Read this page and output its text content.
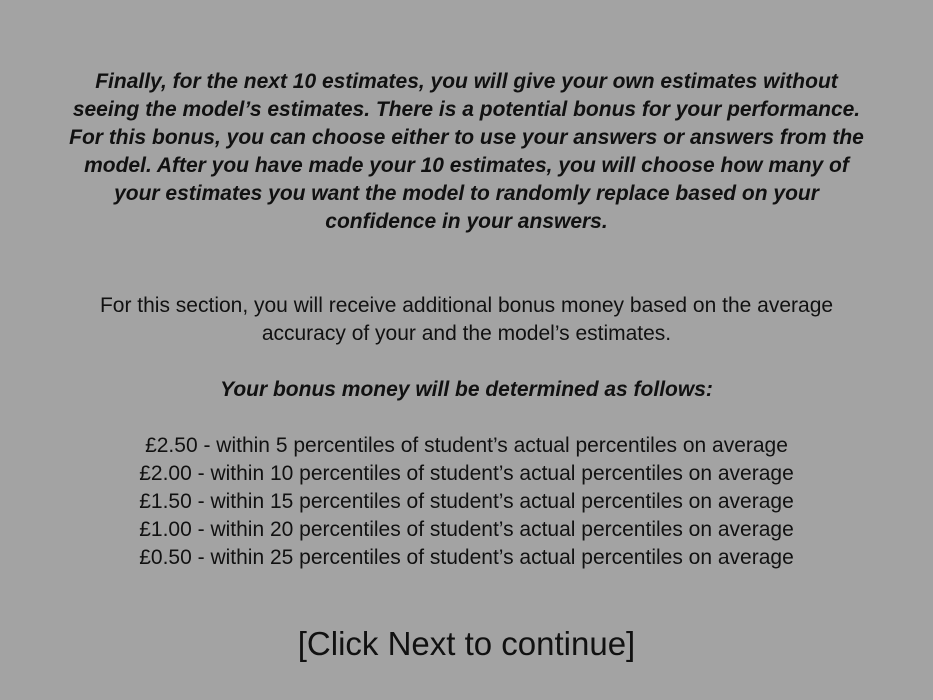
Finally, for the next 10 estimates, you will give your own estimates without seeing the model’s estimates. There is a potential bonus for your performance. For this bonus, you can choose either to use your answers or answers from the model. After you have made your 10 estimates, you will choose how many of your estimates you want the model to randomly replace based on your confidence in your answers.

For this section, you will receive additional bonus money based on the average accuracy of your and the model’s estimates.

Your bonus money will be determined as follows:

£2.50 - within 5 percentiles of student’s actual percentiles on average
£2.00 - within 10 percentiles of student’s actual percentiles on average
£1.50 - within 15 percentiles of student’s actual percentiles on average
£1.00 - within 20 percentiles of student’s actual percentiles on average
£0.50 - within 25 percentiles of student’s actual percentiles on average

[Click Next to continue]
